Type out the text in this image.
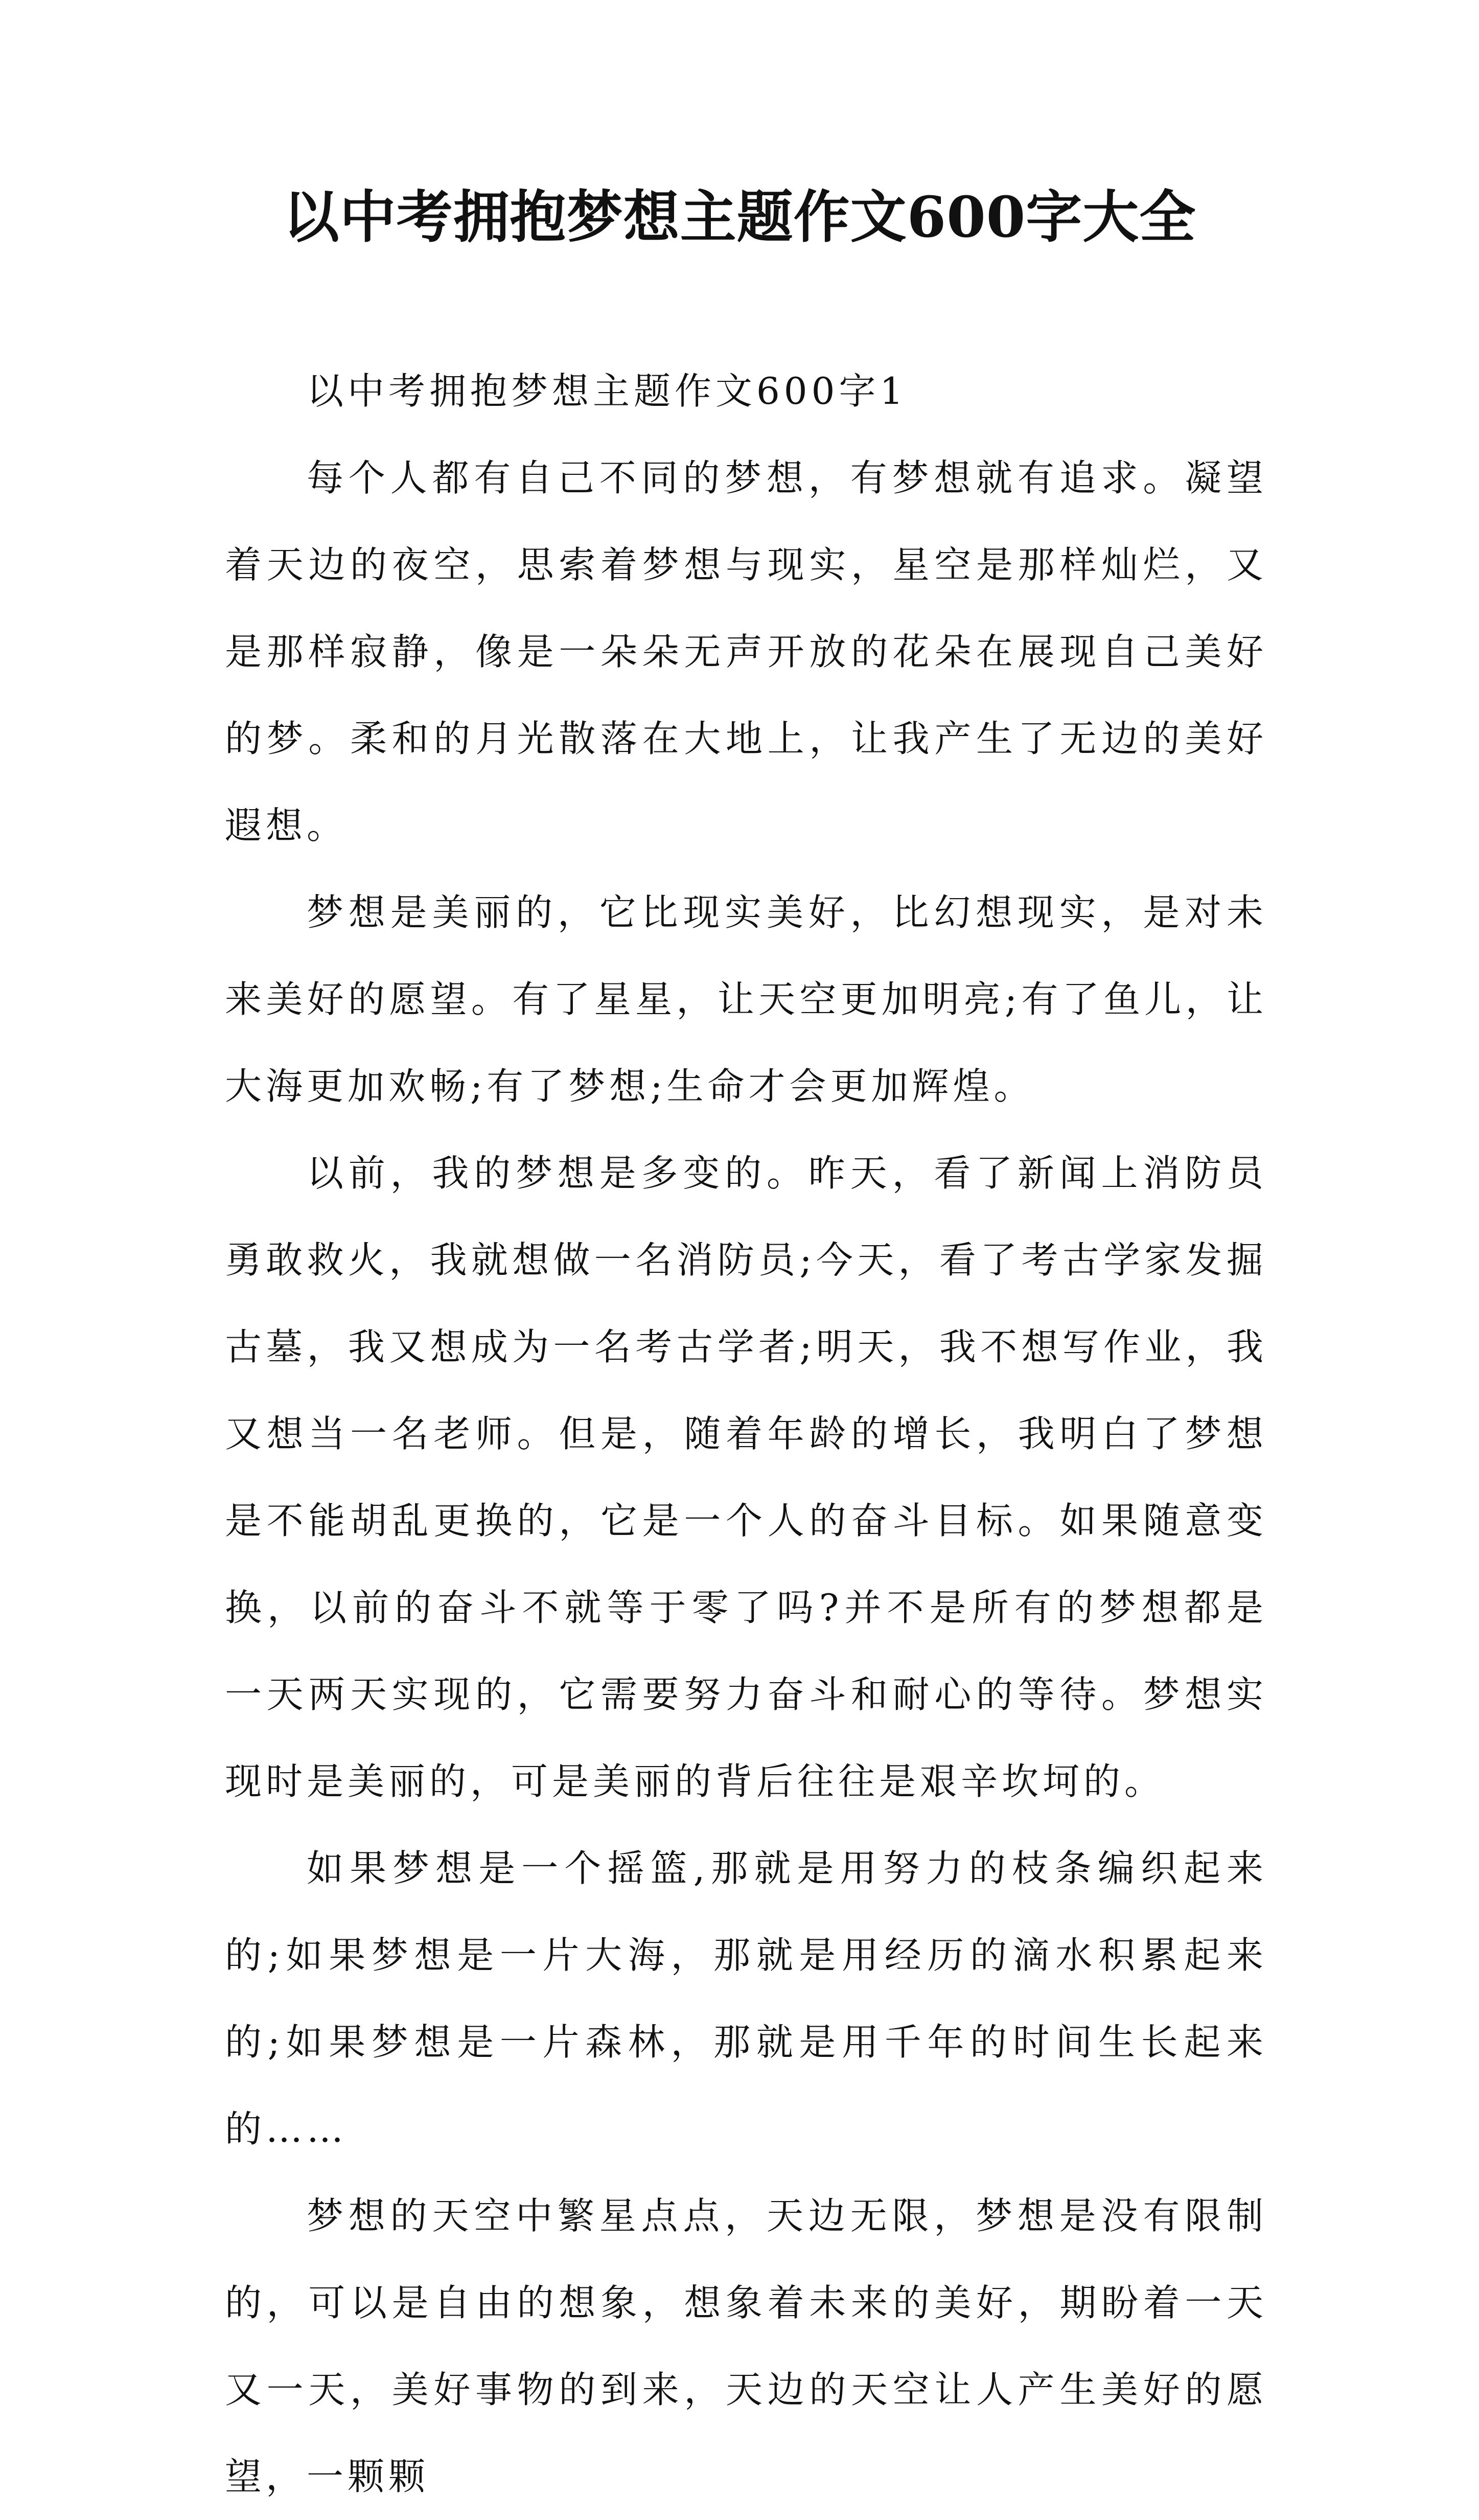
以中考拥抱梦想主题作文600字大全

以中考拥抱梦想主题作文600字1

每个人都有自己不同的梦想，有梦想就有追求。凝望着天边的夜空，思索着梦想与现实，星空是那样灿烂，又是那样寂静，像是一朵朵无声开放的花朵在展现自己美好的梦。柔和的月光散落在大地上，让我产生了无边的美好遐想。

梦想是美丽的，它比现实美好，比幻想现实，是对未来美好的愿望。有了星星，让天空更加明亮;有了鱼儿，让大海更加欢畅;有了梦想;生命才会更加辉煌。

以前，我的梦想是多变的。昨天，看了新闻上消防员勇敢救火，我就想做一名消防员;今天，看了考古学家发掘古墓，我又想成为一名考古学者;明天，我不想写作业，我又想当一名老师。但是，随着年龄的增长，我明白了梦想是不能胡乱更换的，它是一个人的奋斗目标。如果随意变换，以前的奋斗不就等于零了吗?并不是所有的梦想都是一天两天实现的，它需要努力奋斗和耐心的等待。梦想实现时是美丽的，可是美丽的背后往往是艰辛坎坷的。

如果梦想是一个摇篮,那就是用努力的枝条编织起来的;如果梦想是一片大海，那就是用经历的滴水积累起来的;如果梦想是一片森林，那就是用千年的时间生长起来的……

梦想的天空中繁星点点，天边无限，梦想是没有限制的，可以是自由的想象，想象着未来的美好，期盼着一天又一天，美好事物的到来，天边的天空让人产生美好的愿望，一颗颗
